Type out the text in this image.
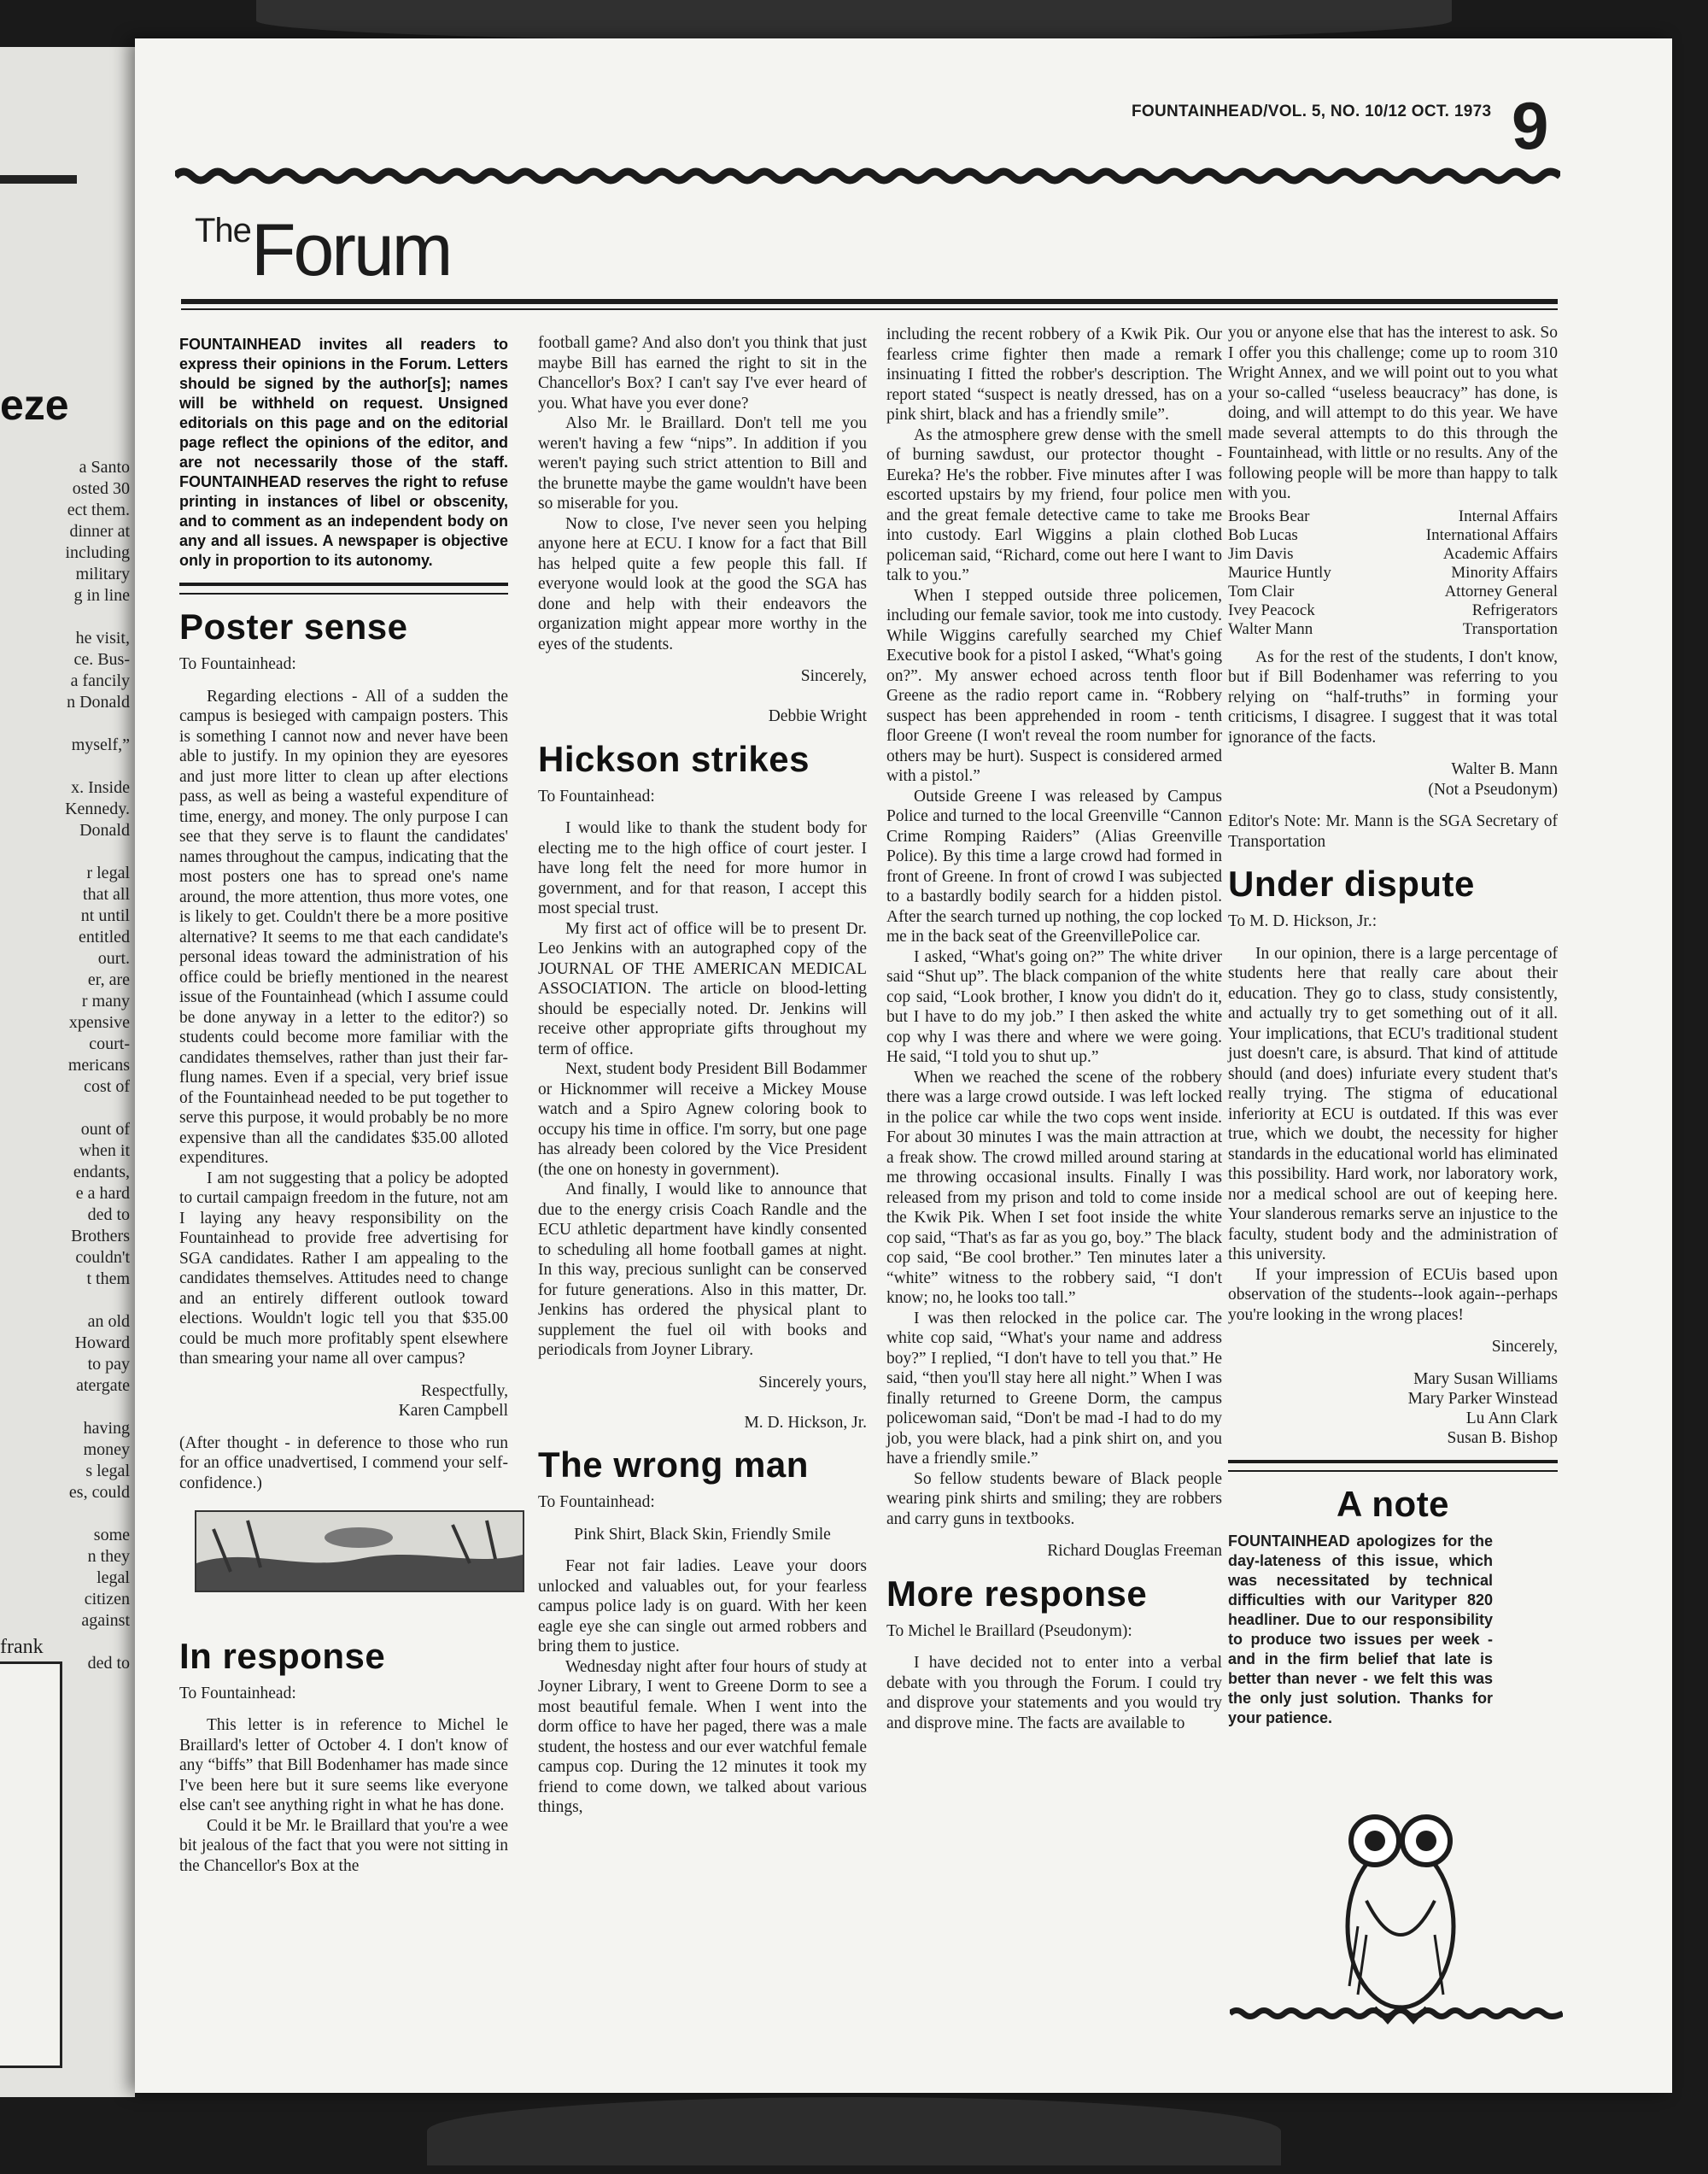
eze
a Santo
osted 30
ect them.
dinner at
including
military
g in line

he visit,
ce. Bus-
a fancily
n Donald

myself,”

x. Inside
Kennedy.
Donald

r legal
that all
nt until
entitled
ourt.
er, are
r many
xpensive
court-
mericans
cost of

ount of
when it
endants,
e a hard
ded to
Brothers
couldn't
t them

an old
Howard
to pay
atergate

having
money
s legal
es, could

some
n they
legal
citizen
against

ded to
frank
FOUNTAINHEAD/VOL. 5, NO. 10/12 OCT. 1973 9
TheForum
FOUNTAINHEAD invites all readers to express their opinions in the Forum. Letters should be signed by the author[s]; names will be withheld on request. Unsigned editorials on this page and on the editorial page reflect the opinions of the editor, and are not necessarily those of the staff. FOUNTAINHEAD reserves the right to refuse printing in instances of libel or obscenity, and to comment as an independent body on any and all issues. A newspaper is objective only in proportion to its autonomy.
Poster sense

To Fountainhead:

Regarding elections - All of a sudden the campus is besieged with campaign posters. This is something I cannot now and never have been able to justify. In my opinion they are eyesores and just more litter to clean up after elections pass, as well as being a wasteful expenditure of time, energy, and money. The only purpose I can see that they serve is to flaunt the candidates' names throughout the campus, indicating that the most posters one has to spread one's name around, the more attention, thus more votes, one is likely to get. Couldn't there be a more positive alternative? It seems to me that each candidate's personal ideas toward the administration of his office could be briefly mentioned in the nearest issue of the Fountainhead (which I assume could be done anyway in a letter to the editor?) so students could become more familiar with the candidates themselves, rather than just their far-flung names. Even if a special, very brief issue of the Fountainhead needed to be put together to serve this purpose, it would probably be no more expensive than all the candidates $35.00 alloted expenditures.

I am not suggesting that a policy be adopted to curtail campaign freedom in the future, not am I laying any heavy responsibility on the Fountainhead to provide free advertising for SGA candidates. Rather I am appealing to the candidates themselves. Attitudes need to change and an entirely different outlook toward elections. Wouldn't logic tell you that $35.00 could be much more profitably spent elsewhere than smearing your name all over campus?

Respectfully,
Karen Campbell

(After thought - in deference to those who run for an office unadvertised, I commend your self-confidence.)

In response

To Fountainhead:

This letter is in reference to Michel le Braillard's letter of October 4. I don't know of any “biffs” that Bill Bodenhamer has made since I've been here but it sure seems like everyone else can't see anything right in what he has done.

Could it be Mr. le Braillard that you're a wee bit jealous of the fact that you were not sitting in the Chancellor's Box at the

football game? And also don't you think that just maybe Bill has earned the right to sit in the Chancellor's Box? I can't say I've ever heard of you. What have you ever done?

Also Mr. le Braillard. Don't tell me you weren't having a few “nips”. In addition if you weren't paying such strict attention to Bill and the brunette maybe the game wouldn't have been so miserable for you.

Now to close, I've never seen you helping anyone here at ECU. I know for a fact that Bill has helped quite a few people this fall. If everyone would look at the good the SGA has done and help with their endeavors the organization might appear more worthy in the eyes of the students.

Sincerely,

Debbie Wright

Hickson strikes

To Fountainhead:

I would like to thank the student body for electing me to the high office of court jester. I have long felt the need for more humor in government, and for that reason, I accept this most special trust.

My first act of office will be to present Dr. Leo Jenkins with an autographed copy of the JOURNAL OF THE AMERICAN MEDICAL ASSOCIATION. The article on blood-letting should be especially noted. Dr. Jenkins will receive other appropriate gifts throughout my term of office.

Next, student body President Bill Bodammer or Hicknommer will receive a Mickey Mouse watch and a Spiro Agnew coloring book to occupy his time in office. I'm sorry, but one page has already been colored by the Vice President (the one on honesty in government).

And finally, I would like to announce that due to the energy crisis Coach Randle and the ECU athletic department have kindly consented to scheduling all home football games at night. In this way, precious sunlight can be conserved for future generations. Also in this matter, Dr. Jenkins has ordered the physical plant to supplement the fuel oil with books and periodicals from Joyner Library.

Sincerely yours,

M. D. Hickson, Jr.

The wrong man

To Fountainhead:

Pink Shirt, Black Skin, Friendly Smile

Fear not fair ladies. Leave your doors unlocked and valuables out, for your fearless campus police lady is on guard. With her keen eagle eye she can single out armed robbers and bring them to justice.

Wednesday night after four hours of study at Joyner Library, I went to Greene Dorm to see a most beautiful female. When I went into the dorm office to have her paged, there was a male student, the hostess and our ever watchful female campus cop. During the 12 minutes it took my friend to come down, we talked about various things,

including the recent robbery of a Kwik Pik. Our fearless crime fighter then made a remark insinuating I fitted the robber's description. The report stated “suspect is neatly dressed, has on a pink shirt, black and has a friendly smile”.

As the atmosphere grew dense with the smell of burning sawdust, our protector thought - Eureka? He's the robber. Five minutes after I was escorted upstairs by my friend, four police men and the great female detective came to take me into custody. Earl Wiggins a plain clothed policeman said, “Richard, come out here I want to talk to you.”

When I stepped outside three policemen, including our female savior, took me into custody. While Wiggins carefully searched my Chief Executive book for a pistol I asked, “What's going on?”. My answer echoed across tenth floor Greene as the radio report came in. “Robbery suspect has been apprehended in room - tenth floor Greene (I won't reveal the room number for others may be hurt). Suspect is considered armed with a pistol.”

Outside Greene I was released by Campus Police and turned to the local Greenville “Cannon Crime Romping Raiders” (Alias Greenville Police). By this time a large crowd had formed in front of Greene. In front of crowd I was subjected to a bastardly bodily search for a hidden pistol. After the search turned up nothing, the cop locked me in the back seat of the GreenvillePolice car.

I asked, “What's going on?” The white driver said “Shut up”. The black companion of the white cop said, “Look brother, I know you didn't do it, but I have to do my job.” I then asked the white cop why I was there and where we were going. He said, “I told you to shut up.”

When we reached the scene of the robbery there was a large crowd outside. I was left locked in the police car while the two cops went inside. For about 30 minutes I was the main attraction at a freak show. The crowd milled around staring at me throwing occasional insults. Finally I was released from my prison and told to come inside the Kwik Pik. When I set foot inside the white cop said, “That's as far as you go, boy.” The black cop said, “Be cool brother.” Ten minutes later a “white” witness to the robbery said, “I don't know; no, he looks too tall.”

I was then relocked in the police car. The white cop said, “What's your name and address boy?” I replied, “I don't have to tell you that.” He said, “then you'll stay here all night.” When I was finally returned to Greene Dorm, the campus policewoman said, “Don't be mad -I had to do my job, you were black, had a pink shirt on, and you have a friendly smile.”

So fellow students beware of Black people wearing pink shirts and smiling; they are robbers and carry guns in textbooks.

Richard Douglas Freeman

More response

To Michel le Braillard (Pseudonym):

I have decided not to enter into a verbal debate with you through the Forum. I could try and disprove your statements and you would try and disprove mine. The facts are available to

you or anyone else that has the interest to ask. So I offer you this challenge; come up to room 310 Wright Annex, and we will point out to you what your so-called “useless beaucracy” has done, is doing, and will attempt to do this year. We have made several attempts to do this through the Fountainhead, with little or no results. Any of the following people will be more than happy to talk with you.

Brooks Bear	Internal Affairs
Bob Lucas	International Affairs
Jim Davis	Academic Affairs
Maurice Huntly	Minority Affairs
Tom Clair	Attorney General
Ivey Peacock	Refrigerators
Walter Mann	Transportation

As for the rest of the students, I don't know, but if Bill Bodenhamer was referring to you relying on “half-truths” in forming your criticisms, I disagree. I suggest that it was total ignorance of the facts.

Walter B. Mann
(Not a Pseudonym)

Editor's Note: Mr. Mann is the SGA Secretary of Transportation

Under dispute

To M. D. Hickson, Jr.:

In our opinion, there is a large percentage of students here that really care about their education. They go to class, study consistently, and actually try to get something out of it all. Your implications, that ECU's traditional student just doesn't care, is absurd. That kind of attitude should (and does) infuriate every student that's really trying. The stigma of educational inferiority at ECU is outdated. If this was ever true, which we doubt, the necessity for higher standards in the educational world has eliminated this possibility. Hard work, nor laboratory work, nor a medical school are out of keeping here. Your slanderous remarks serve an injustice to the faculty, student body and the administration of this university.

If your impression of ECUis based upon observation of the students--look again--perhaps you're looking in the wrong places!

Sincerely,

Mary Susan Williams
Mary Parker Winstead
Lu Ann Clark
Susan B. Bishop
A note
FOUNTAINHEAD apologizes for the day-lateness of this issue, which was necessitated by technical difficulties with our Varityper 820 headliner. Due to our responsibility to produce two issues per week - and in the firm belief that late is better than never - we felt this was the only just solution. Thanks for your patience.
